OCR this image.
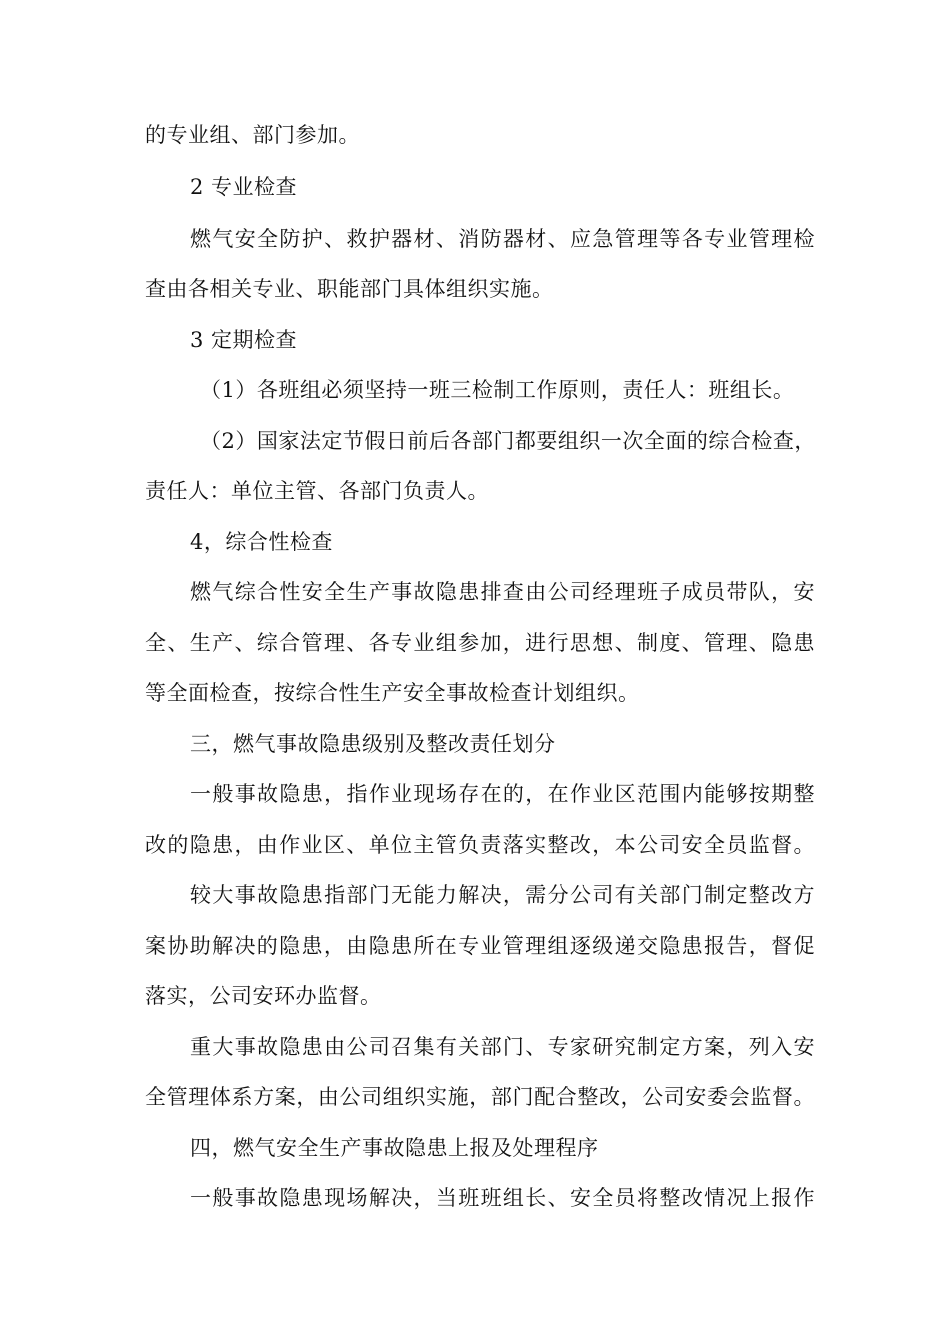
的专业组、部门参加。
2 专业检查
燃气安全防护、救护器材、消防器材、应急管理等各专业管理检
查由各相关专业、职能部门具体组织实施。
3 定期检查
（1）各班组必须坚持一班三检制工作原则，责任人：班组长。
（2）国家法定节假日前后各部门都要组织一次全面的综合检查，
责任人：单位主管、各部门负责人。
4，综合性检查
燃气综合性安全生产事故隐患排查由公司经理班子成员带队，安
全、生产、综合管理、各专业组参加，进行思想、制度、管理、隐患
等全面检查，按综合性生产安全事故检查计划组织。
三，燃气事故隐患级别及整改责任划分
一般事故隐患，指作业现场存在的，在作业区范围内能够按期整
改的隐患，由作业区、单位主管负责落实整改，本公司安全员监督。
较大事故隐患指部门无能力解决，需分公司有关部门制定整改方
案协助解决的隐患，由隐患所在专业管理组逐级递交隐患报告，督促
落实，公司安环办监督。
重大事故隐患由公司召集有关部门、专家研究制定方案，列入安
全管理体系方案，由公司组织实施，部门配合整改，公司安委会监督。
四，燃气安全生产事故隐患上报及处理程序
一般事故隐患现场解决，当班班组长、安全员将整改情况上报作
